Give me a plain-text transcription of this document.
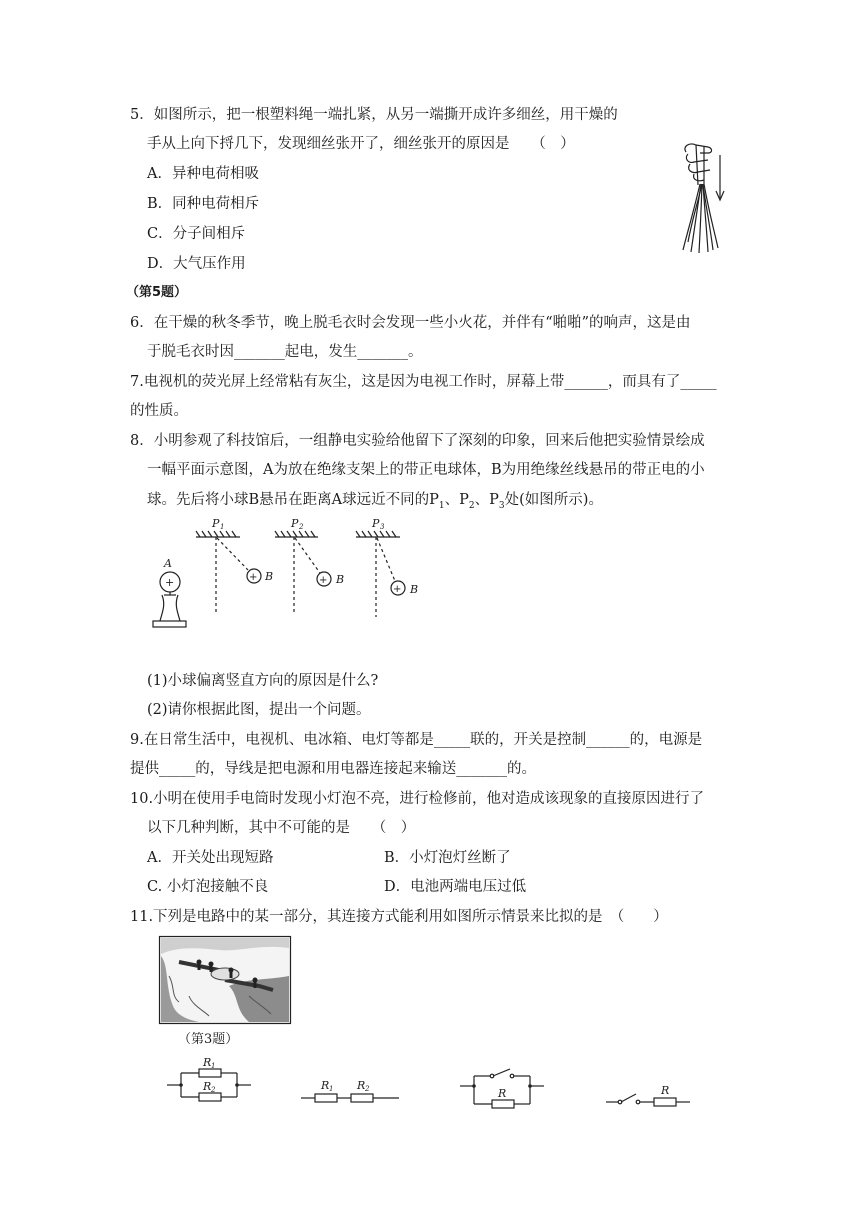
5．如图所示，把一根塑料绳一端扎紧，从另一端撕开成许多细丝，用干燥的
手从上向下捋几下，发现细丝张开了，细丝张开的原因是　　（　）
A．异种电荷相吸
B．同种电荷相斥
C．分子间相斥
D．大气压作用
（第5题）
6．在干燥的秋冬季节，晚上脱毛衣时会发现一些小火花，并伴有“啪啪”的响声，这是由
于脱毛衣时因_______起电，发生_______。
7.电视机的荧光屏上经常粘有灰尘，这是因为电视工作时，屏幕上带______，而具有了_____
的性质。
8．小明参观了科技馆后，一组静电实验给他留下了深刻的印象，回来后他把实验情景绘成
一幅平面示意图，A为放在绝缘支架上的带正电球体，B为用绝缘丝线悬吊的带正电的小
球。先后将小球B悬吊在距离A球远近不同的$P_1$、$P_2$、$P_3$处(如图所示)。
A
+	+	+
+
B	B
B
P 1	P 2	P 3
(1)小球偏离竖直方向的原因是什么?
(2)请你根据此图，提出一个问题。
9.在日常生活中，电视机、电冰箱、电灯等都是_____联的，开关是控制______的，电源是
提供_____的，导线是把电源和用电器连接起来输送_______的。
10.小明在使用手电筒时发现小灯泡不亮，进行检修前，他对造成该现象的直接原因进行了
以下几种判断，其中不可能的是　　（　）
A．开关处出现短路	B．小灯泡灯丝断了
C. 小灯泡接触不良	D．电池两端电压过低
11.下列是电路中的某一部分，其连接方式能利用如图所示情景来比拟的是　（　　）
（第3题）
R 1
R 2	R 1 R 2	R	R
